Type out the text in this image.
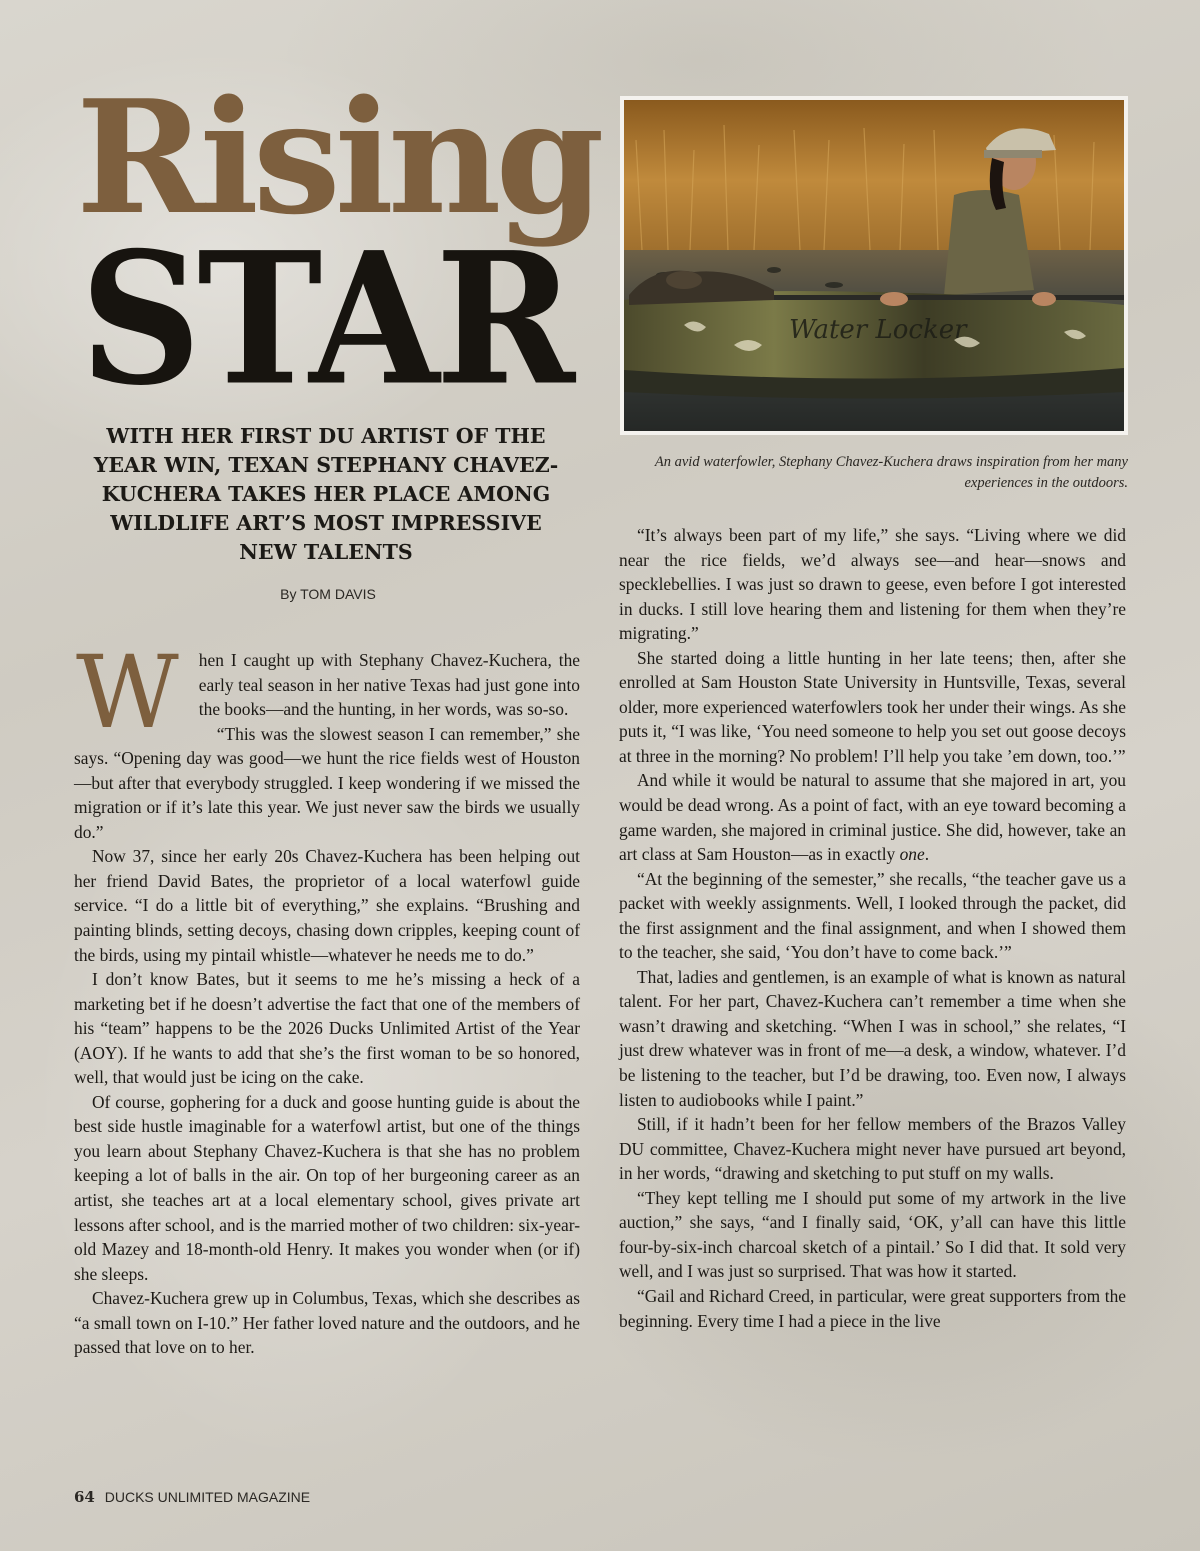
Rising
STAR
WITH HER FIRST DU ARTIST OF THE YEAR WIN, TEXAN STEPHANY CHAVEZ-KUCHERA TAKES HER PLACE AMONG WILDLIFE ART’S MOST IMPRESSIVE NEW TALENTS
By TOM DAVIS
Water Locker
An avid waterfowler, Stephany Chavez-Kuchera draws inspiration from her many experiences in the outdoors.
W	hen I caught up with Stephany Chavez-Kuchera, the early teal season in her native Texas had just gone into the books—and the hunting, in her words, was so-so.

“This was the slowest season I can remember,” she says. “Opening day was good—we hunt the rice fields west of Houston—but after that everybody struggled. I keep wondering if we missed the migration or if it’s late this year. We just never saw the birds we usually do.”

Now 37, since her early 20s Chavez-Kuchera has been helping out her friend David Bates, the proprietor of a local waterfowl guide service. “I do a little bit of everything,” she explains. “Brushing and painting blinds, setting decoys, chasing down cripples, keeping count of the birds, using my pintail whistle—whatever he needs me to do.”

I don’t know Bates, but it seems to me he’s missing a heck of a marketing bet if he doesn’t advertise the fact that one of the members of his “team” happens to be the 2026 Ducks Unlimited Artist of the Year (AOY). If he wants to add that she’s the first woman to be so honored, well, that would just be icing on the cake.

Of course, gophering for a duck and goose hunting guide is about the best side hustle imaginable for a waterfowl artist, but one of the things you learn about Stephany Chavez-Kuchera is that she has no problem keeping a lot of balls in the air. On top of her burgeoning career as an artist, she teaches art at a local elementary school, gives private art lessons after school, and is the married mother of two children: six-year-old Mazey and 18-month-old Henry. It makes you wonder when (or if) she sleeps.

Chavez-Kuchera grew up in Columbus, Texas, which she describes as “a small town on I-10.” Her father loved nature and the outdoors, and he passed that love on to her.

“It’s always been part of my life,” she says. “Living where we did near the rice fields, we’d always see—and hear—snows and specklebellies. I was just so drawn to geese, even before I got interested in ducks. I still love hearing them and listening for them when they’re migrating.”

She started doing a little hunting in her late teens; then, after she enrolled at Sam Houston State University in Huntsville, Texas, several older, more experienced waterfowlers took her under their wings. As she puts it, “I was like, ‘You need someone to help you set out goose decoys at three in the morning? No problem! I’ll help you take ’em down, too.’”

And while it would be natural to assume that she majored in art, you would be dead wrong. As a point of fact, with an eye toward becoming a game warden, she majored in criminal justice. She did, however, take an art class at Sam Houston—as in exactly one.

“At the beginning of the semester,” she recalls, “the teacher gave us a packet with weekly assignments. Well, I looked through the packet, did the first assignment and the final assignment, and when I showed them to the teacher, she said, ‘You don’t have to come back.’”

That, ladies and gentlemen, is an example of what is known as natural talent. For her part, Chavez-Kuchera can’t remember a time when she wasn’t drawing and sketching. “When I was in school,” she relates, “I just drew whatever was in front of me—a desk, a window, whatever. I’d be listening to the teacher, but I’d be drawing, too. Even now, I always listen to audiobooks while I paint.”

Still, if it hadn’t been for her fellow members of the Brazos Valley DU committee, Chavez-Kuchera might never have pursued art beyond, in her words, “drawing and sketching to put stuff on my walls.

“They kept telling me I should put some of my artwork in the live auction,” she says, “and I finally said, ‘OK, y’all can have this little four-by-six-inch charcoal sketch of a pintail.’ So I did that. It sold very well, and I was just so surprised. That was how it started.

“Gail and Richard Creed, in particular, were great supporters from the beginning. Every time I had a piece in the live

64 DUCKS UNLIMITED MAGAZINE
